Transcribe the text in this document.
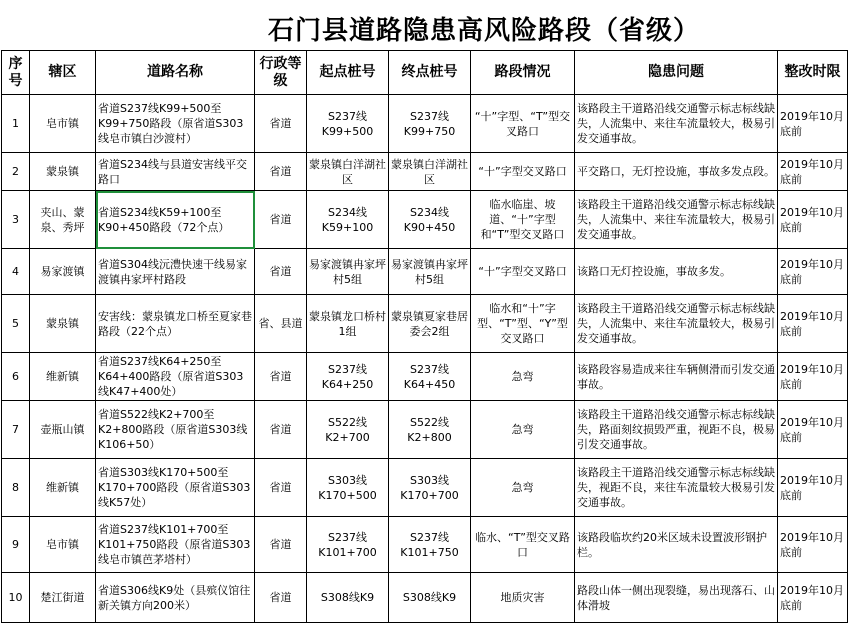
石门县道路隐患高风险路段（省级）
序号	辖区	道路名称	行政等级	起点桩号	终点桩号	路段情况	隐患问题	整改时限
1	皂市镇	省道S237线K99+500至K99+750路段（原省道S303线皂市镇白沙渡村）	省道	S237线K99+500	S237线K99+750	“十”字型、“T”型交叉路口	该路段主干道路沿线交通警示标志标线缺失，人流集中、来往车流量较大，极易引发交通事故。	2019年10月底前
2	蒙泉镇	省道S234线与县道安害线平交路口	省道	蒙泉镇白洋湖社区	蒙泉镇白洋湖社区	“十”字型交叉路口	平交路口，无灯控设施，事故多发点段。	2019年10月底前
3	夹山、蒙泉、秀坪	省道S234线K59+100至K90+450路段（72个点）	省道	S234线K59+100	S234线K90+450	临水临崖、坡道、“十”字型和“T”型交叉路口	该路段主干道路沿线交通警示标志标线缺失，人流集中、来往车流量较大，极易引发交通事故。	2019年10月底前
4	易家渡镇	省道S304线沅澧快速干线易家渡镇冉家坪村路段	省道	易家渡镇冉家坪村5组	易家渡镇冉家坪村5组	“十”字型交叉路口	该路口无灯控设施，事故多发。	2019年10月底前
5	蒙泉镇	安害线：蒙泉镇龙口桥至夏家巷路段（22个点）	省、县道	蒙泉镇龙口桥村1组	蒙泉镇夏家巷居委会2组	临水和“十”字型、“T”型、“Y”型交叉路口	该路段主干道路沿线交通警示标志标线缺失，人流集中、来往车流量较大，极易引发交通事故。	2019年10月底前
6	维新镇	省道S237线K64+250至K64+400路段（原省道S303线K47+400处）	省道	S237线K64+250	S237线K64+450	急弯	该路段容易造成来往车辆侧滑而引发交通事故。	2019年10月底前
7	壶瓶山镇	省道S522线K2+700至K2+800路段（原省道S303线K106+50）	省道	S522线K2+700	S522线K2+800	急弯	该路段主干道路沿线交通警示标志标线缺失，路面刻纹损毁严重，视距不良，极易引发交通事故。	2019年10月底前
8	维新镇	省道S303线K170+500至K170+700路段（原省道S303线K57处）	省道	S303线K170+500	S303线K170+700	急弯	该路段主干道路沿线交通警示标志标线缺失，视距不良，来往车流量较大极易引发交通事故。	2019年10月底前
9	皂市镇	省道S237线K101+700至K101+750路段（原省道S303线皂市镇芭茅塔村）	省道	S237线K101+700	S237线K101+750	临水、“T”型交叉路口	该路段临坎约20米区域未设置波形钢护栏。	2019年10月底前
10	楚江街道	省道S306线K9处（县殡仪馆往新关镇方向200米）	省道	S308线K9	S308线K9	地质灾害	路段山体一侧出现裂缝，易出现落石、山体滑坡	2019年10月底前
